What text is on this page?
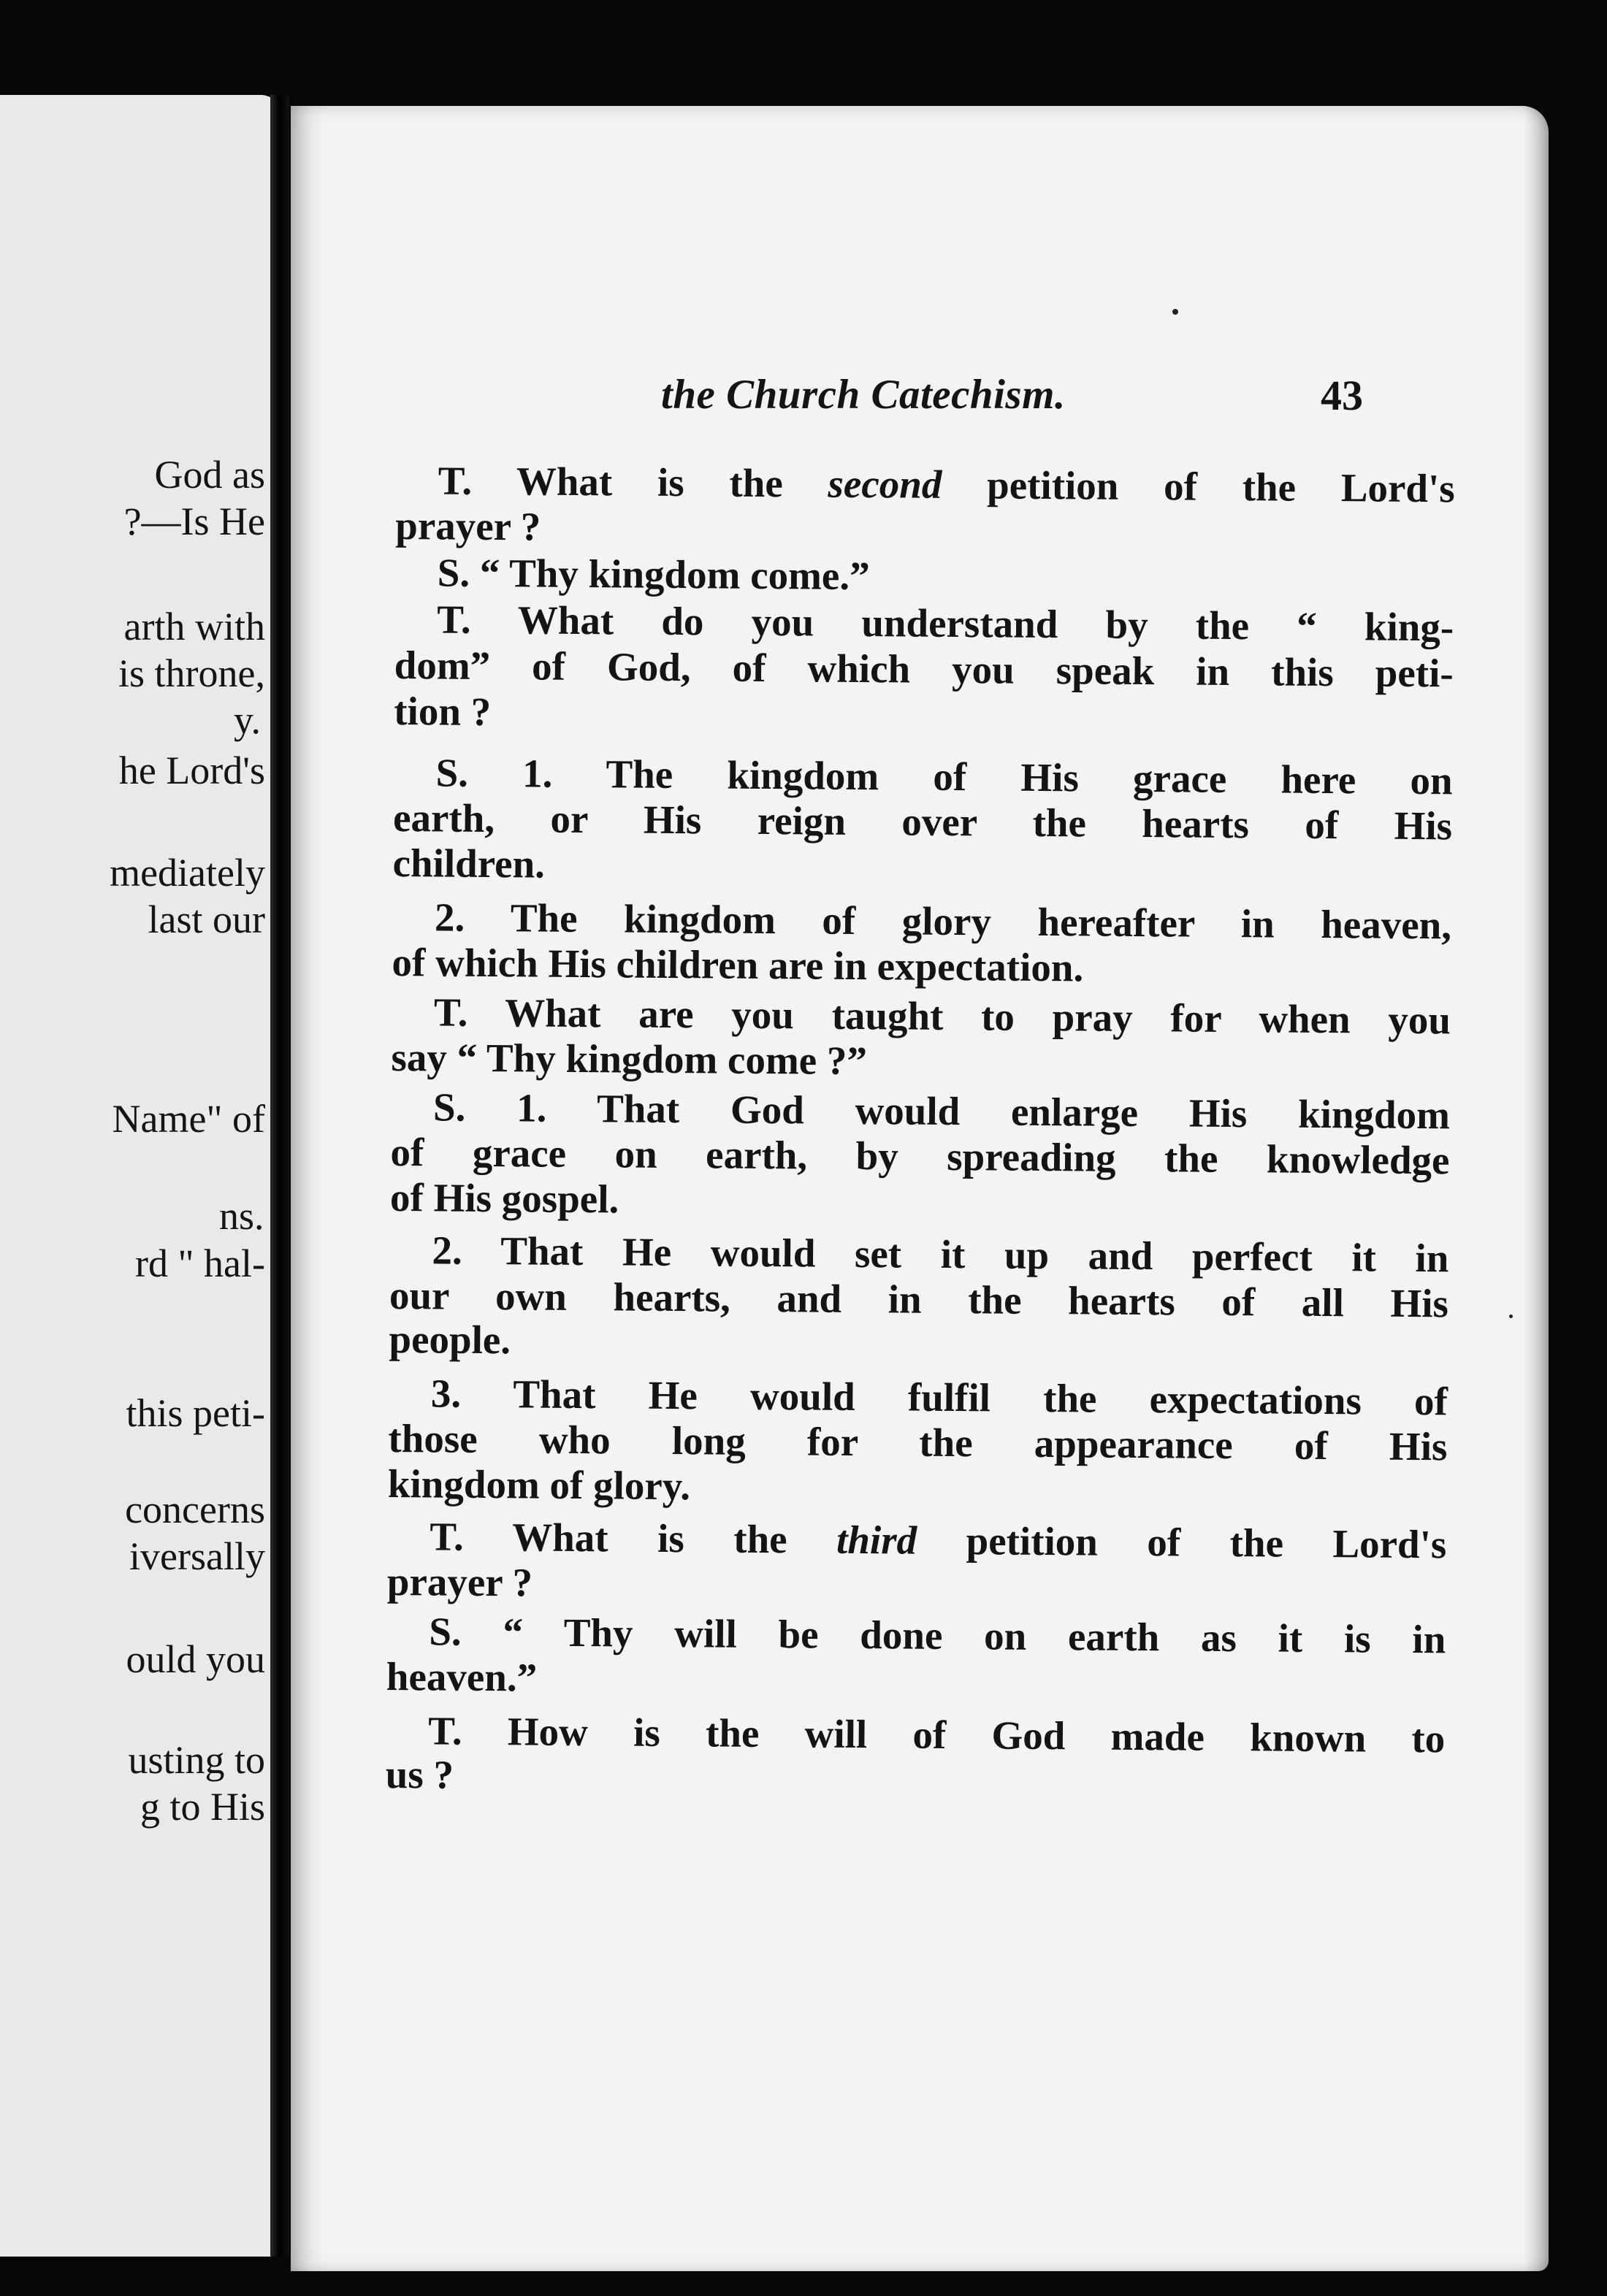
God as
?—Is He
arth with
is throne,
y.
he Lord's
mediately
last our
Name" of
ns.
rd " hal-
this peti-
concerns
iversally
ould you
usting to
g to His
the Church Catechism.	43
T. What is the second petition of the Lord's
prayer ?
S. “ Thy kingdom come.”
T. What do you understand by the “ king-
dom” of God, of which you speak in this peti-
tion ?
S. 1. The kingdom of His grace here on
earth, or His reign over the hearts of His
children.
2. The kingdom of glory hereafter in heaven,
of which His children are in expectation.
T. What are you taught to pray for when you
say “ Thy kingdom come ?”
S. 1. That God would enlarge His kingdom
of grace on earth, by spreading the knowledge
of His gospel.
2. That He would set it up and perfect it in
our own hearts, and in the hearts of all His
people.
3. That He would fulfil the expectations of
those who long for the appearance of His
kingdom of glory.
T. What is the third petition of the Lord's
prayer ?
S. “ Thy will be done on earth as it is in
heaven.”
T. How is the will of God made known to
us ?
